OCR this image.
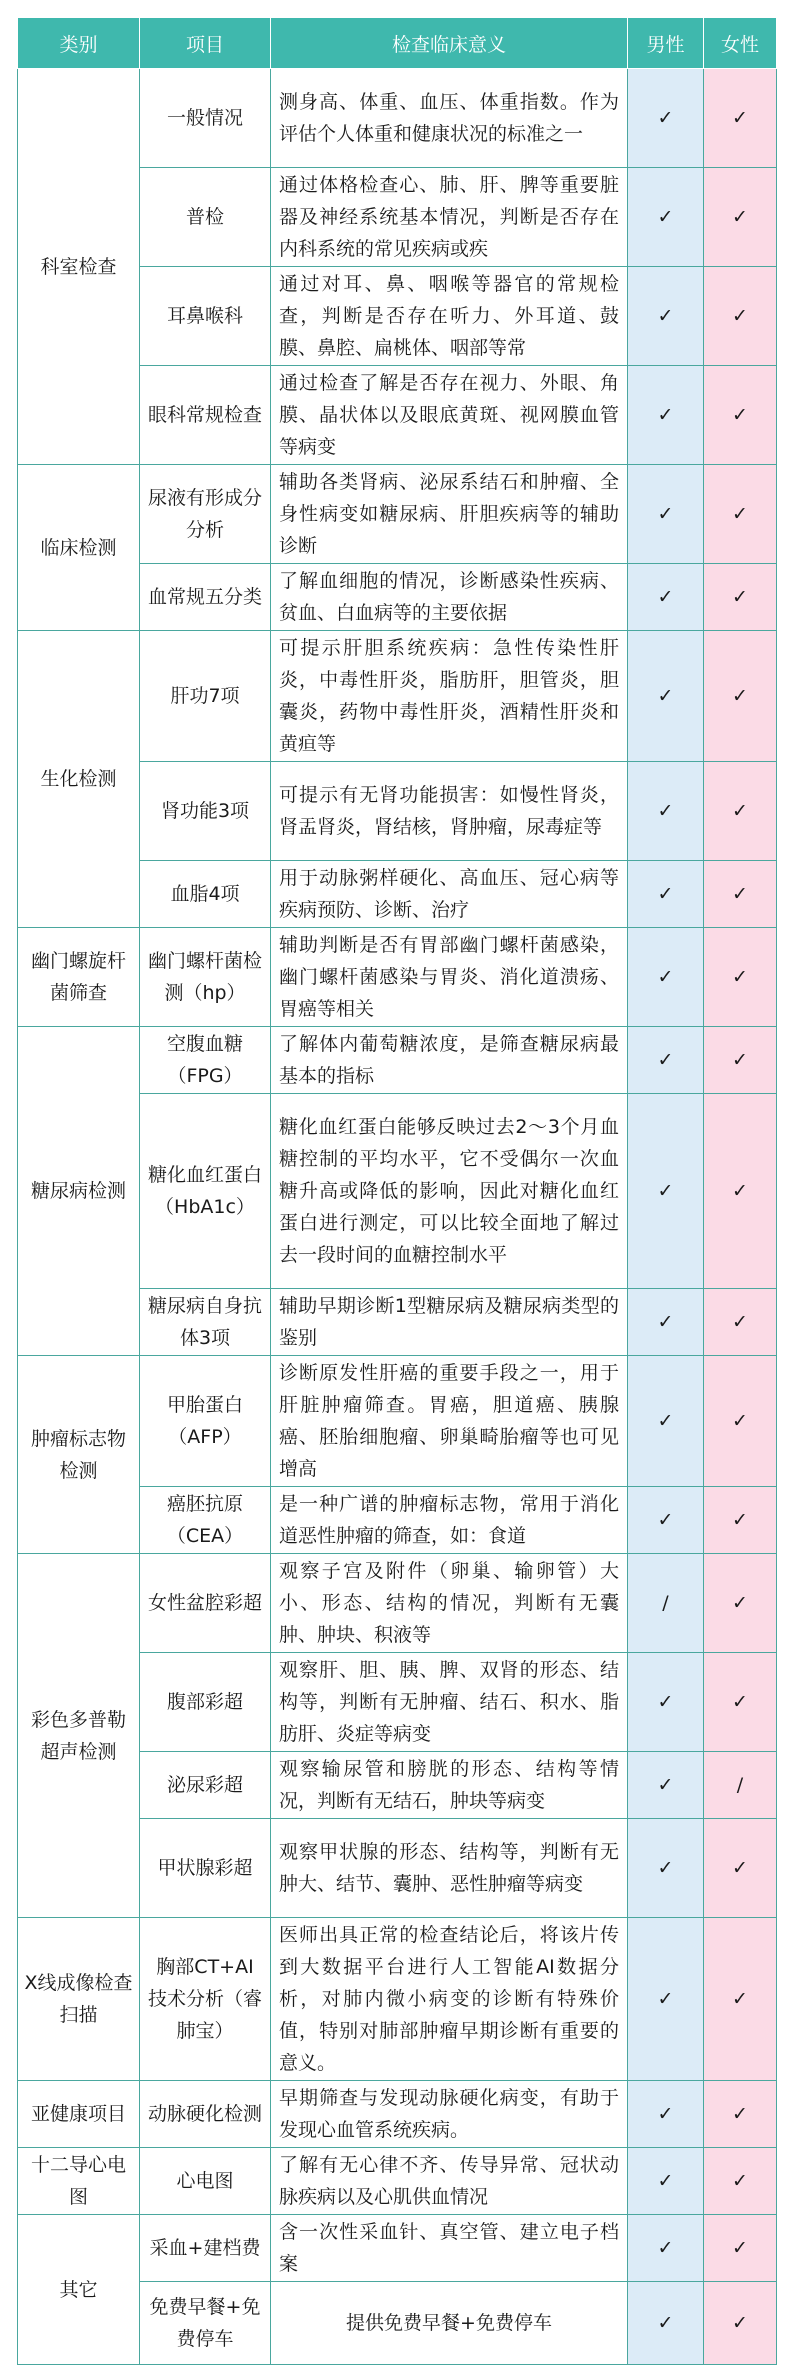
类别	项目	检查临床意义	男性	女性
科室检查	一般情况	测身高、体重、血压、体重指数。作为评估个人体重和健康状况的标准之一	✓	✓
	普检	通过体格检查心、肺、肝、脾等重要脏器及神经系统基本情况，判断是否存在内科系统的常见疾病或疾	✓	✓
	耳鼻喉科	通过对耳、鼻、咽喉等器官的常规检查，判断是否存在听力、外耳道、鼓膜、鼻腔、扁桃体、咽部等常	✓	✓
	眼科常规检查	通过检查了解是否存在视力、外眼、角膜、晶状体以及眼底黄斑、视网膜血管等病变	✓	✓
临床检测	尿液有形成分分析	辅助各类肾病、泌尿系结石和肿瘤、全身性病变如糖尿病、肝胆疾病等的辅助诊断	✓	✓
	血常规五分类	了解血细胞的情况，诊断感染性疾病、贫血、白血病等的主要依据	✓	✓
生化检测	肝功7项	可提示肝胆系统疾病：急性传染性肝炎，中毒性肝炎，脂肪肝，胆管炎，胆囊炎，药物中毒性肝炎，酒精性肝炎和黄疸等	✓	✓
	肾功能3项	可提示有无肾功能损害：如慢性肾炎，肾盂肾炎，肾结核，肾肿瘤，尿毒症等	✓	✓
	血脂4项	用于动脉粥样硬化、高血压、冠心病等疾病预防、诊断、治疗	✓	✓
幽门螺旋杆菌筛查	幽门螺杆菌检测（hp）	辅助判断是否有胃部幽门螺杆菌感染，幽门螺杆菌感染与胃炎、消化道溃疡、胃癌等相关	✓	✓
糖尿病检测	空腹血糖（FPG）	了解体内葡萄糖浓度，是筛查糖尿病最基本的指标	✓	✓
	糖化血红蛋白（HbA1c）	糖化血红蛋白能够反映过去2～3个月血糖控制的平均水平，它不受偶尔一次血糖升高或降低的影响，因此对糖化血红蛋白进行测定，可以比较全面地了解过去一段时间的血糖控制水平	✓	✓
	糖尿病自身抗体3项	辅助早期诊断1型糖尿病及糖尿病类型的鉴别	✓	✓
肿瘤标志物检测	甲胎蛋白（AFP）	诊断原发性肝癌的重要手段之一，用于肝脏肿瘤筛查。胃癌，胆道癌、胰腺癌、胚胎细胞瘤、卵巢畸胎瘤等也可见增高	✓	✓
	癌胚抗原（CEA）	是一种广谱的肿瘤标志物，常用于消化道恶性肿瘤的筛查，如：食道	✓	✓
彩色多普勒超声检测	女性盆腔彩超	观察子宫及附件（卵巢、输卵管）大小、形态、结构的情况，判断有无囊肿、肿块、积液等	/	✓
	腹部彩超	观察肝、胆、胰、脾、双肾的形态、结构等，判断有无肿瘤、结石、积水、脂肪肝、炎症等病变	✓	✓
	泌尿彩超	观察输尿管和膀胱的形态、结构等情况，判断有无结石，肿块等病变	✓	/
	甲状腺彩超	观察甲状腺的形态、结构等，判断有无肿大、结节、囊肿、恶性肿瘤等病变	✓	✓
X线成像检查扫描	胸部CT+AI技术分析（睿肺宝）	医师出具正常的检查结论后，将该片传到大数据平台进行人工智能AI数据分析，对肺内微小病变的诊断有特殊价值，特别对肺部肿瘤早期诊断有重要的意义。	✓	✓
亚健康项目	动脉硬化检测	早期筛查与发现动脉硬化病变，有助于发现心血管系统疾病。	✓	✓
十二导心电图	心电图	了解有无心律不齐、传导异常、冠状动脉疾病以及心肌供血情况	✓	✓
其它	采血+建档费	含一次性采血针、真空管、建立电子档案	✓	✓
	免费早餐+免费停车	提供免费早餐+免费停车	✓	✓
